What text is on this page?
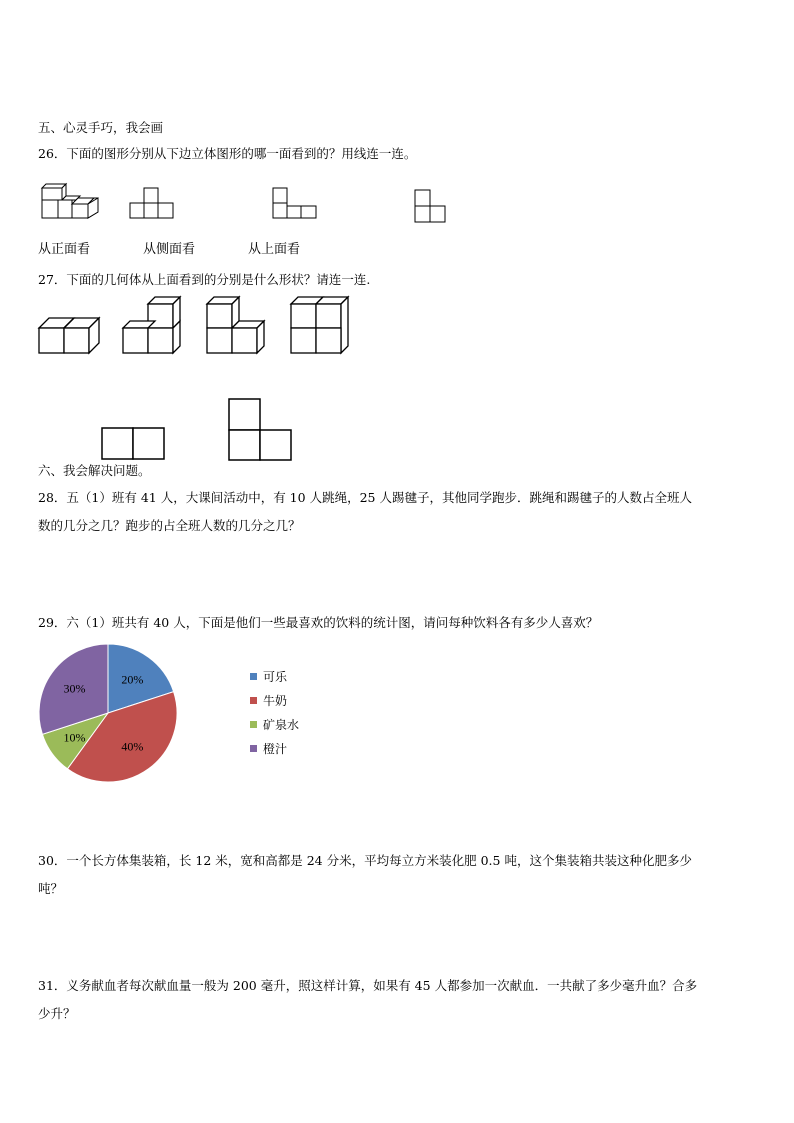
五、心灵手巧，我会画
26．下面的图形分别从下边立体图形的哪一面看到的？用线连一连。
从正面看	从侧面看	从上面看
27．下面的几何体从上面看到的分别是什么形状？请连一连.
六、我会解决问题。
28．五（1）班有 41 人，大课间活动中，有 10 人跳绳，25 人踢毽子，其他同学跑步．跳绳和踢毽子的人数占全班人
数的几分之几？跑步的占全班人数的几分之几？
29．六（1）班共有 40 人，下面是他们一些最喜欢的饮料的统计图，请问每种饮料各有多少人喜欢？
20%
40%
10%
30%
可乐
牛奶
矿泉水
橙汁
30．一个长方体集装箱，长 12 米，宽和高都是 24 分米，平均每立方米装化肥 0.5 吨，这个集装箱共装这种化肥多少
吨？
31．义务献血者每次献血量一般为 200 毫升，照这样计算，如果有 45 人都参加一次献血．一共献了多少毫升血？合多
少升？
